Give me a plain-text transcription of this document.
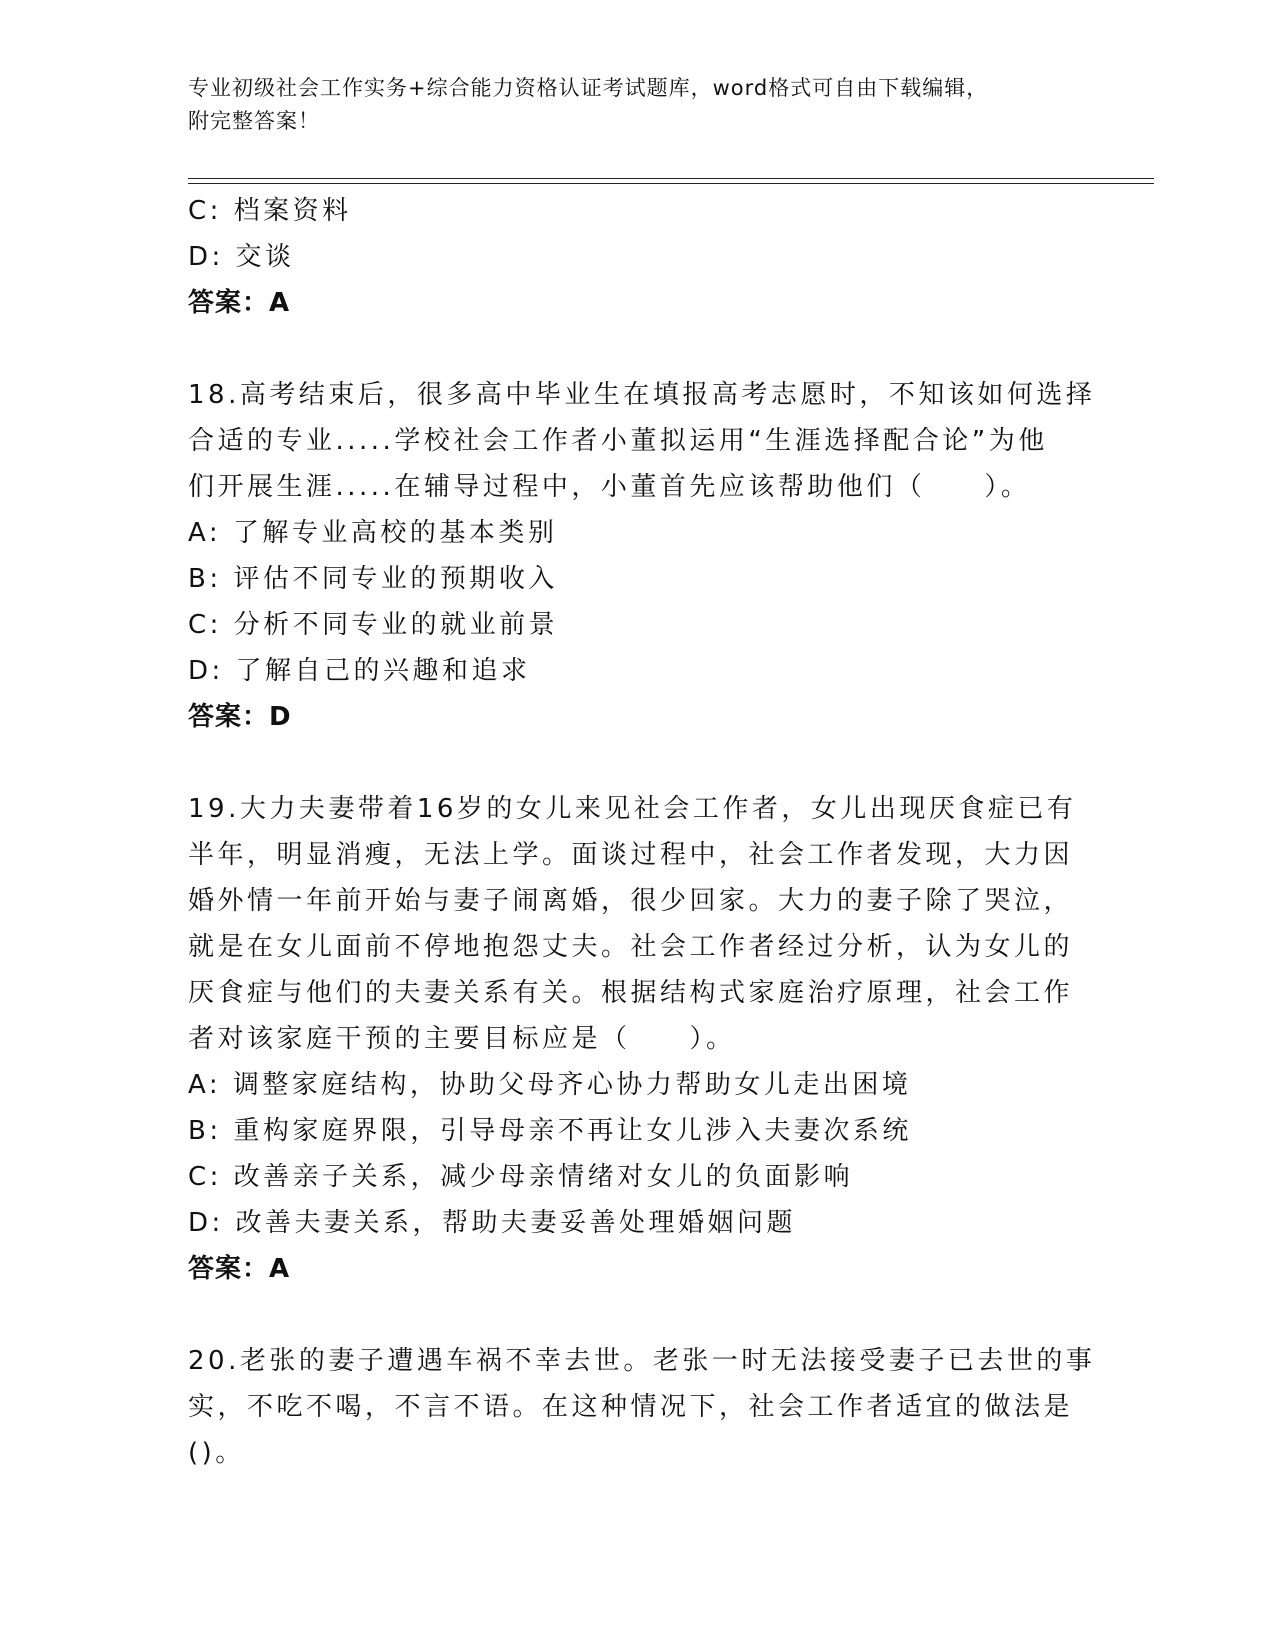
专业初级社会工作实务+综合能力资格认证考试题库，word格式可自由下载编辑，
附完整答案！
C: 档案资料
D: 交谈
答案：A
18.高考结束后，很多高中毕业生在填报高考志愿时，不知该如何选择
合适的专业.....学校社会工作者小董拟运用“生涯选择配合论”为他
们开展生涯.....在辅导过程中，小董首先应该帮助他们（　　）。
A: 了解专业高校的基本类别
B: 评估不同专业的预期收入
C: 分析不同专业的就业前景
D: 了解自己的兴趣和追求
答案：D
19.大力夫妻带着16岁的女儿来见社会工作者，女儿出现厌食症已有
半年，明显消瘦，无法上学。面谈过程中，社会工作者发现，大力因
婚外情一年前开始与妻子闹离婚，很少回家。大力的妻子除了哭泣，
就是在女儿面前不停地抱怨丈夫。社会工作者经过分析，认为女儿的
厌食症与他们的夫妻关系有关。根据结构式家庭治疗原理，社会工作
者对该家庭干预的主要目标应是（　　）。
A: 调整家庭结构，协助父母齐心协力帮助女儿走出困境
B: 重构家庭界限，引导母亲不再让女儿涉入夫妻次系统
C: 改善亲子关系，减少母亲情绪对女儿的负面影响
D: 改善夫妻关系，帮助夫妻妥善处理婚姻问题
答案：A
20.老张的妻子遭遇车祸不幸去世。老张一时无法接受妻子已去世的事
实，不吃不喝，不言不语。在这种情况下，社会工作者适宜的做法是
()。
